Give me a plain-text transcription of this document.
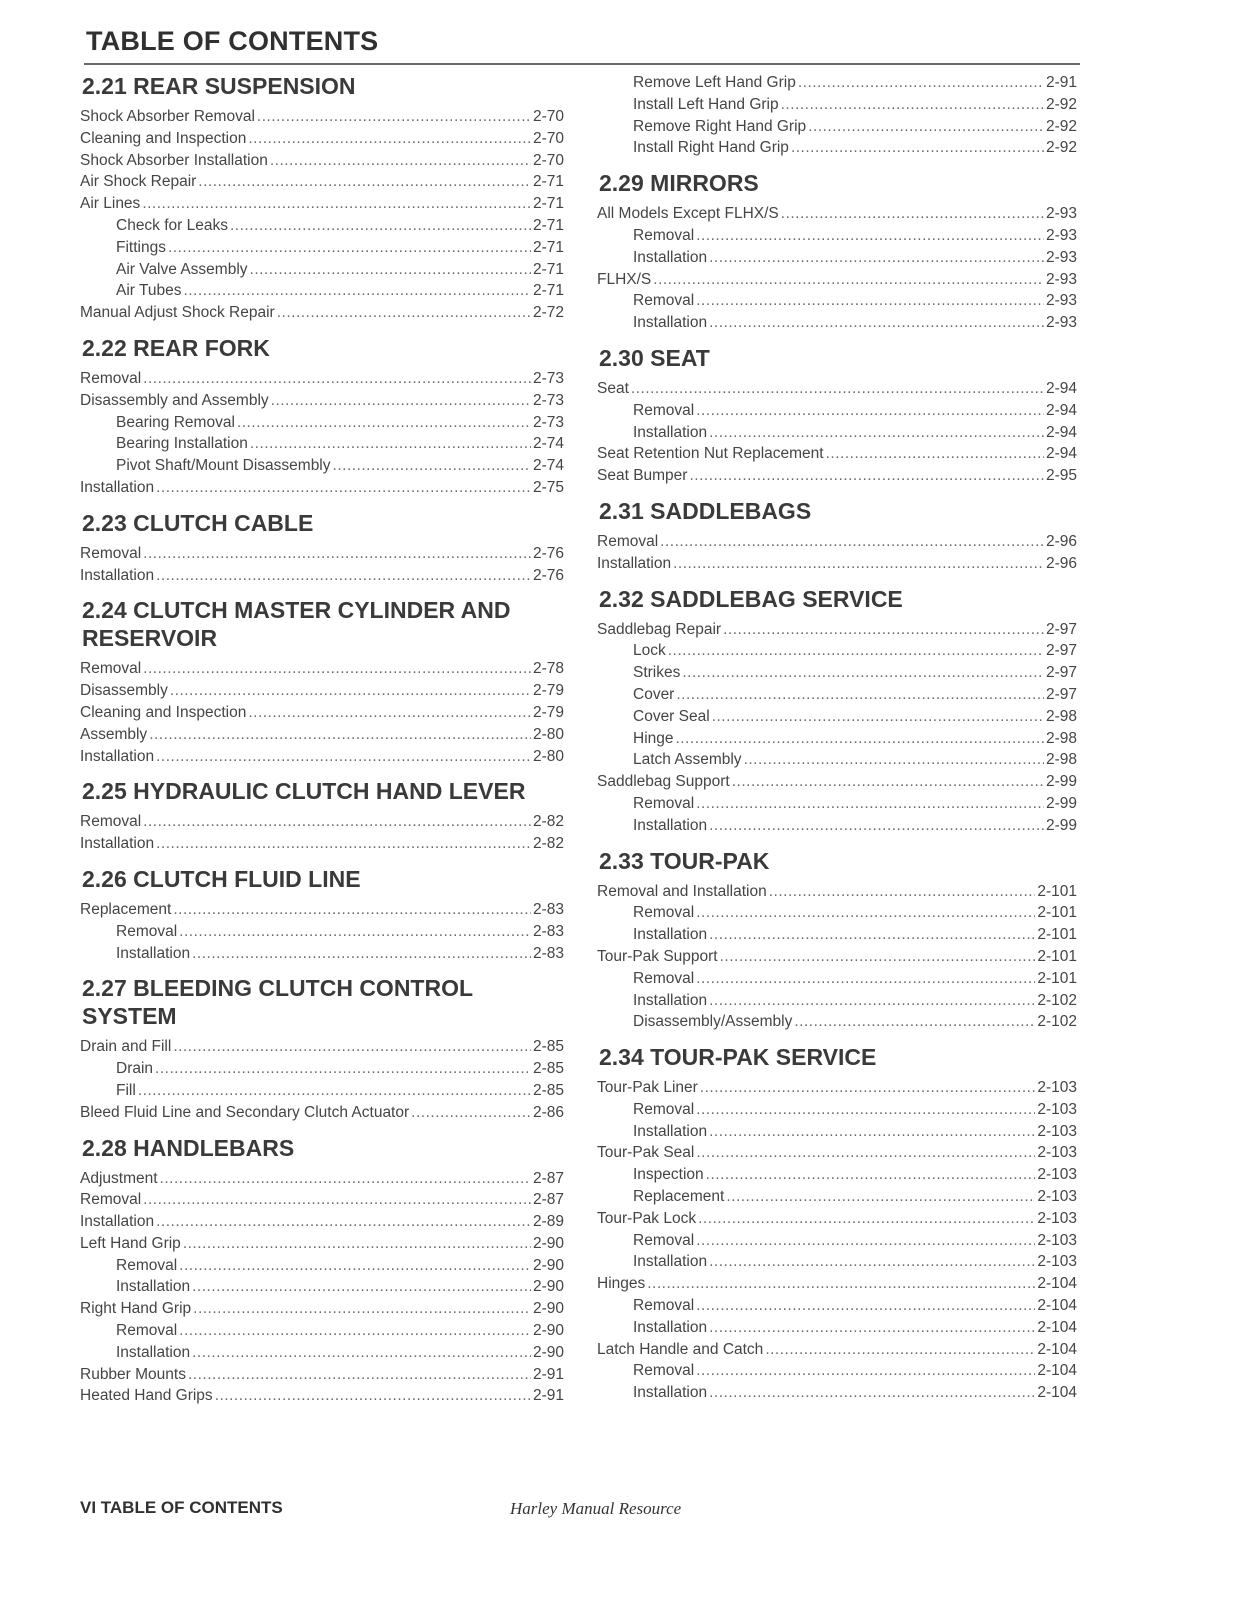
TABLE OF CONTENTS
2.21 REAR SUSPENSION
Shock Absorber Removal .....	2-70
Cleaning and Inspection .....	2-70
Shock Absorber Installation .....	2-70
Air Shock Repair .....	2-71
Air Lines .....	2-71
Check for Leaks .....	2-71
Fittings .....	2-71
Air Valve Assembly .....	2-71
Air Tubes .....	2-71
Manual Adjust Shock Repair .....	2-72
2.22 REAR FORK
Removal .....	2-73
Disassembly and Assembly .....	2-73
Bearing Removal .....	2-73
Bearing Installation .....	2-74
Pivot Shaft/Mount Disassembly .....	2-74
Installation .....	2-75
2.23 CLUTCH CABLE
Removal .....	2-76
Installation .....	2-76
2.24 CLUTCH MASTER CYLINDER AND RESERVOIR
Removal .....	2-78
Disassembly .....	2-79
Cleaning and Inspection .....	2-79
Assembly .....	2-80
Installation .....	2-80
2.25 HYDRAULIC CLUTCH HAND LEVER
Removal .....	2-82
Installation .....	2-82
2.26 CLUTCH FLUID LINE
Replacement .....	2-83
Removal .....	2-83
Installation .....	2-83
2.27 BLEEDING CLUTCH CONTROL SYSTEM
Drain and Fill .....	2-85
Drain .....	2-85
Fill .....	2-85
Bleed Fluid Line and Secondary Clutch Actuator .....	2-86
2.28 HANDLEBARS
Adjustment .....	2-87
Removal .....	2-87
Installation .....	2-89
Left Hand Grip .....	2-90
Removal .....	2-90
Installation .....	2-90
Right Hand Grip .....	2-90
Removal .....	2-90
Installation .....	2-90
Rubber Mounts .....	2-91
Heated Hand Grips .....	2-91
Remove Left Hand Grip .....	2-91
Install Left Hand Grip .....	2-92
Remove Right Hand Grip .....	2-92
Install Right Hand Grip .....	2-92
2.29 MIRRORS
All Models Except FLHX/S .....	2-93
Removal .....	2-93
Installation .....	2-93
FLHX/S .....	2-93
Removal .....	2-93
Installation .....	2-93
2.30 SEAT
Seat .....	2-94
Removal .....	2-94
Installation .....	2-94
Seat Retention Nut Replacement .....	2-94
Seat Bumper .....	2-95
2.31 SADDLEBAGS
Removal .....	2-96
Installation .....	2-96
2.32 SADDLEBAG SERVICE
Saddlebag Repair .....	2-97
Lock .....	2-97
Strikes .....	2-97
Cover .....	2-97
Cover Seal .....	2-98
Hinge .....	2-98
Latch Assembly .....	2-98
Saddlebag Support .....	2-99
Removal .....	2-99
Installation .....	2-99
2.33 TOUR-PAK
Removal and Installation .....	2-101
Removal .....	2-101
Installation .....	2-101
Tour-Pak Support .....	2-101
Removal .....	2-101
Installation .....	2-102
Disassembly/Assembly .....	2-102
2.34 TOUR-PAK SERVICE
Tour-Pak Liner .....	2-103
Removal .....	2-103
Installation .....	2-103
Tour-Pak Seal .....	2-103
Inspection .....	2-103
Replacement .....	2-103
Tour-Pak Lock .....	2-103
Removal .....	2-103
Installation .....	2-103
Hinges .....	2-104
Removal .....	2-104
Installation .....	2-104
Latch Handle and Catch .....	2-104
Removal .....	2-104
Installation .....	2-104
VI TABLE OF CONTENTS	Harley Manual Resource
